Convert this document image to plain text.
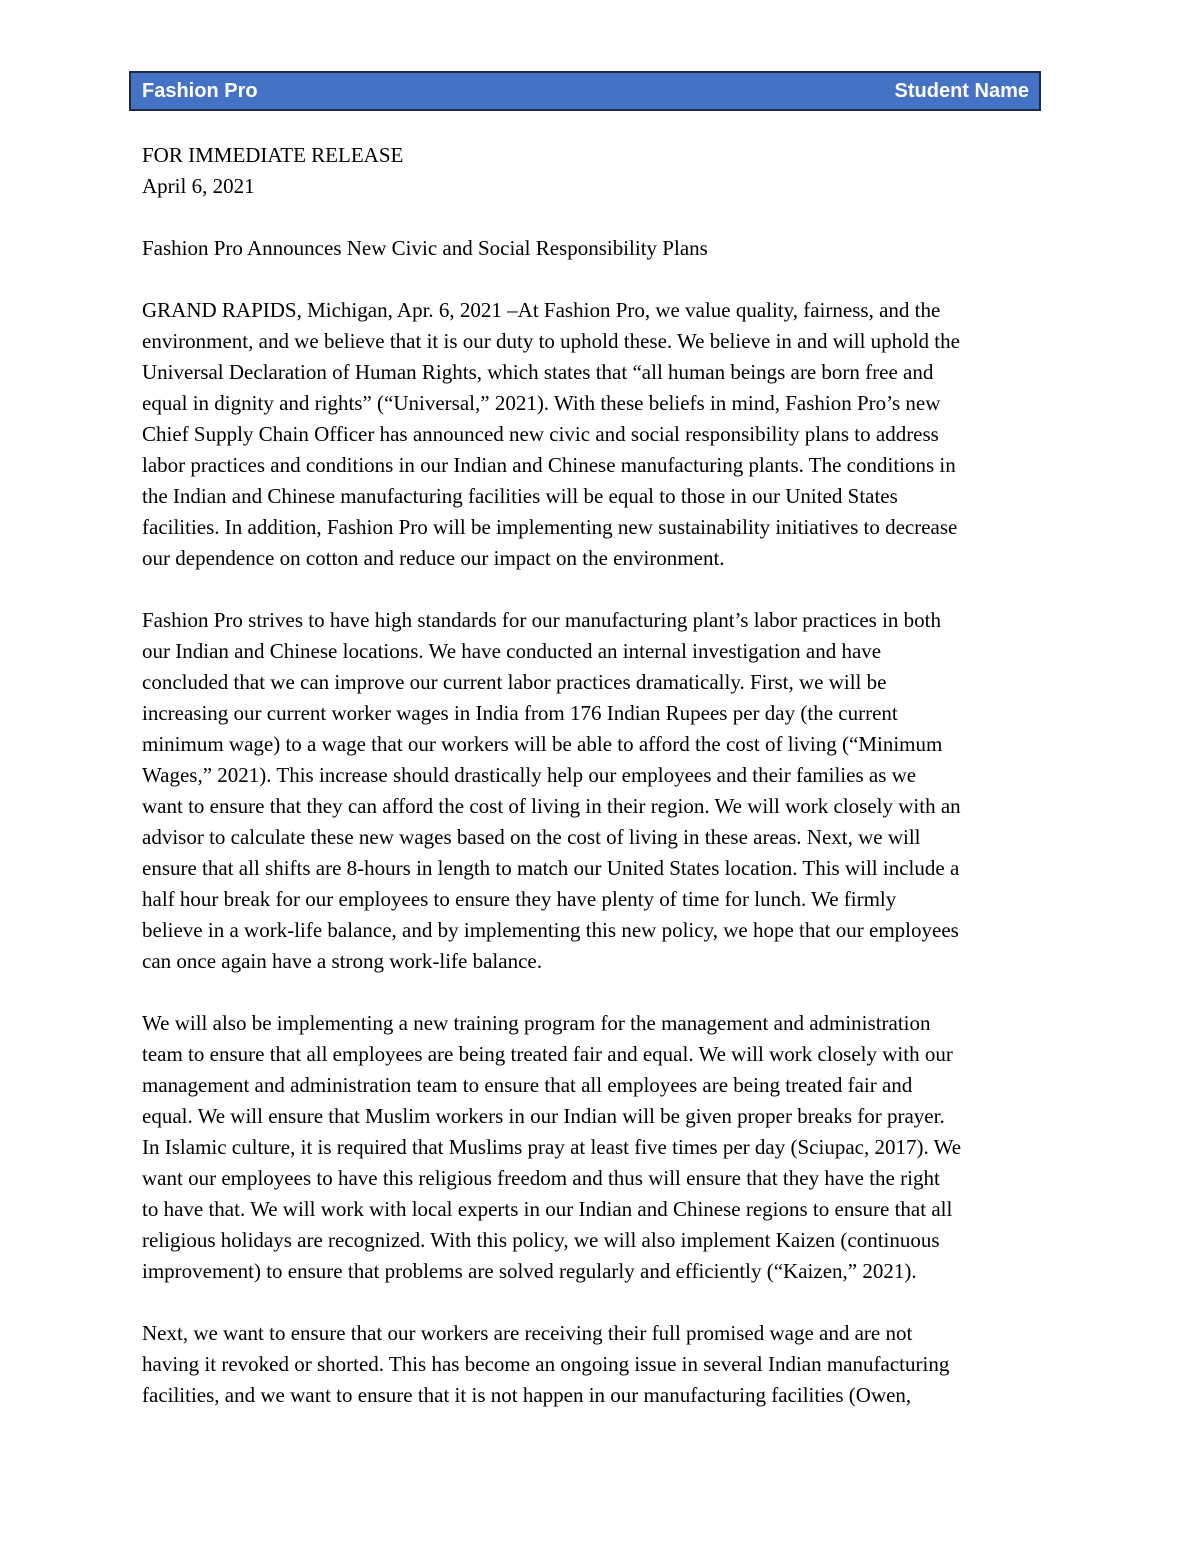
Fashion Pro	Student Name

FOR IMMEDIATE RELEASE

April 6, 2021

Fashion Pro Announces New Civic and Social Responsibility Plans

GRAND RAPIDS, Michigan, Apr. 6, 2021 –At Fashion Pro, we value quality, fairness, and the

environment, and we believe that it is our duty to uphold these. We believe in and will uphold the

Universal Declaration of Human Rights, which states that “all human beings are born free and

equal in dignity and rights” (“Universal,” 2021). With these beliefs in mind, Fashion Pro’s new

Chief Supply Chain Officer has announced new civic and social responsibility plans to address

labor practices and conditions in our Indian and Chinese manufacturing plants. The conditions in

the Indian and Chinese manufacturing facilities will be equal to those in our United States

facilities. In addition, Fashion Pro will be implementing new sustainability initiatives to decrease

our dependence on cotton and reduce our impact on the environment.

Fashion Pro strives to have high standards for our manufacturing plant’s labor practices in both

our Indian and Chinese locations. We have conducted an internal investigation and have

concluded that we can improve our current labor practices dramatically. First, we will be

increasing our current worker wages in India from 176 Indian Rupees per day (the current

minimum wage) to a wage that our workers will be able to afford the cost of living (“Minimum

Wages,” 2021). This increase should drastically help our employees and their families as we

want to ensure that they can afford the cost of living in their region. We will work closely with an

advisor to calculate these new wages based on the cost of living in these areas. Next, we will

ensure that all shifts are 8-hours in length to match our United States location. This will include a

half hour break for our employees to ensure they have plenty of time for lunch. We firmly

believe in a work-life balance, and by implementing this new policy, we hope that our employees

can once again have a strong work-life balance.

We will also be implementing a new training program for the management and administration

team to ensure that all employees are being treated fair and equal. We will work closely with our

management and administration team to ensure that all employees are being treated fair and

equal. We will ensure that Muslim workers in our Indian will be given proper breaks for prayer.

In Islamic culture, it is required that Muslims pray at least five times per day (Sciupac, 2017). We

want our employees to have this religious freedom and thus will ensure that they have the right

to have that. We will work with local experts in our Indian and Chinese regions to ensure that all

religious holidays are recognized. With this policy, we will also implement Kaizen (continuous

improvement) to ensure that problems are solved regularly and efficiently (“Kaizen,” 2021).

Next, we want to ensure that our workers are receiving their full promised wage and are not

having it revoked or shorted. This has become an ongoing issue in several Indian manufacturing

facilities, and we want to ensure that it is not happen in our manufacturing facilities (Owen,
